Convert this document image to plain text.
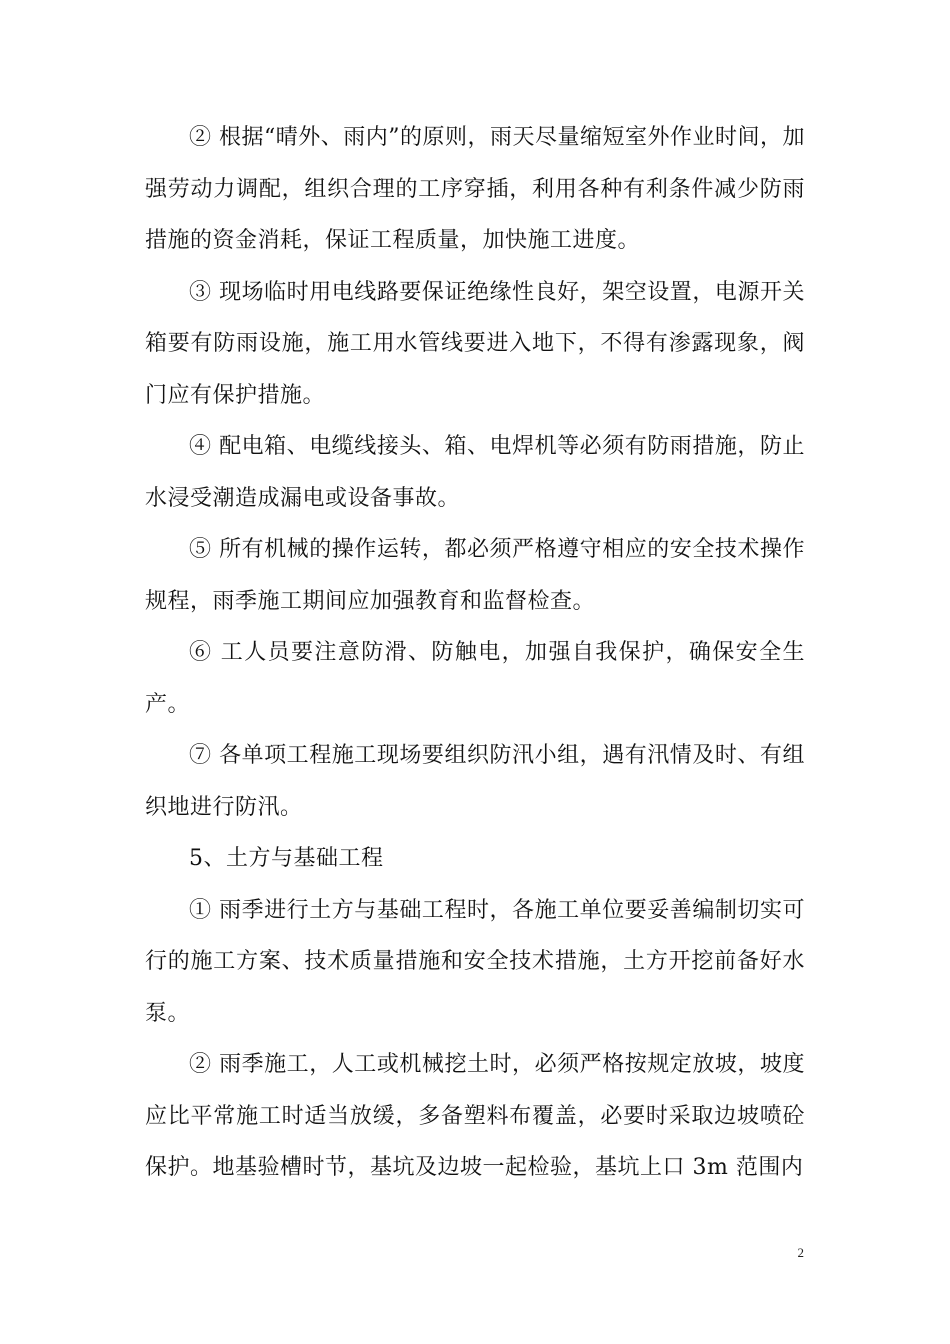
② 根据“晴外、雨内”的原则，雨天尽量缩短室外作业时间，加强劳动力调配，组织合理的工序穿插，利用各种有利条件减少防雨措施的资金消耗，保证工程质量，加快施工进度。

③ 现场临时用电线路要保证绝缘性良好，架空设置，电源开关箱要有防雨设施，施工用水管线要进入地下，不得有渗露现象，阀门应有保护措施。

④ 配电箱、电缆线接头、箱、电焊机等必须有防雨措施，防止水浸受潮造成漏电或设备事故。

⑤ 所有机械的操作运转，都必须严格遵守相应的安全技术操作规程，雨季施工期间应加强教育和监督检查。

⑥ 工人员要注意防滑、防触电，加强自我保护，确保安全生产。

⑦ 各单项工程施工现场要组织防汛小组，遇有汛情及时、有组织地进行防汛。

5、土方与基础工程

① 雨季进行土方与基础工程时，各施工单位要妥善编制切实可行的施工方案、技术质量措施和安全技术措施，土方开挖前备好水泵。

② 雨季施工，人工或机械挖土时，必须严格按规定放坡，坡度应比平常施工时适当放缓，多备塑料布覆盖，必要时采取边坡喷砼保护。地基验槽时节，基坑及边坡一起检验，基坑上口 3m 范围内

2
